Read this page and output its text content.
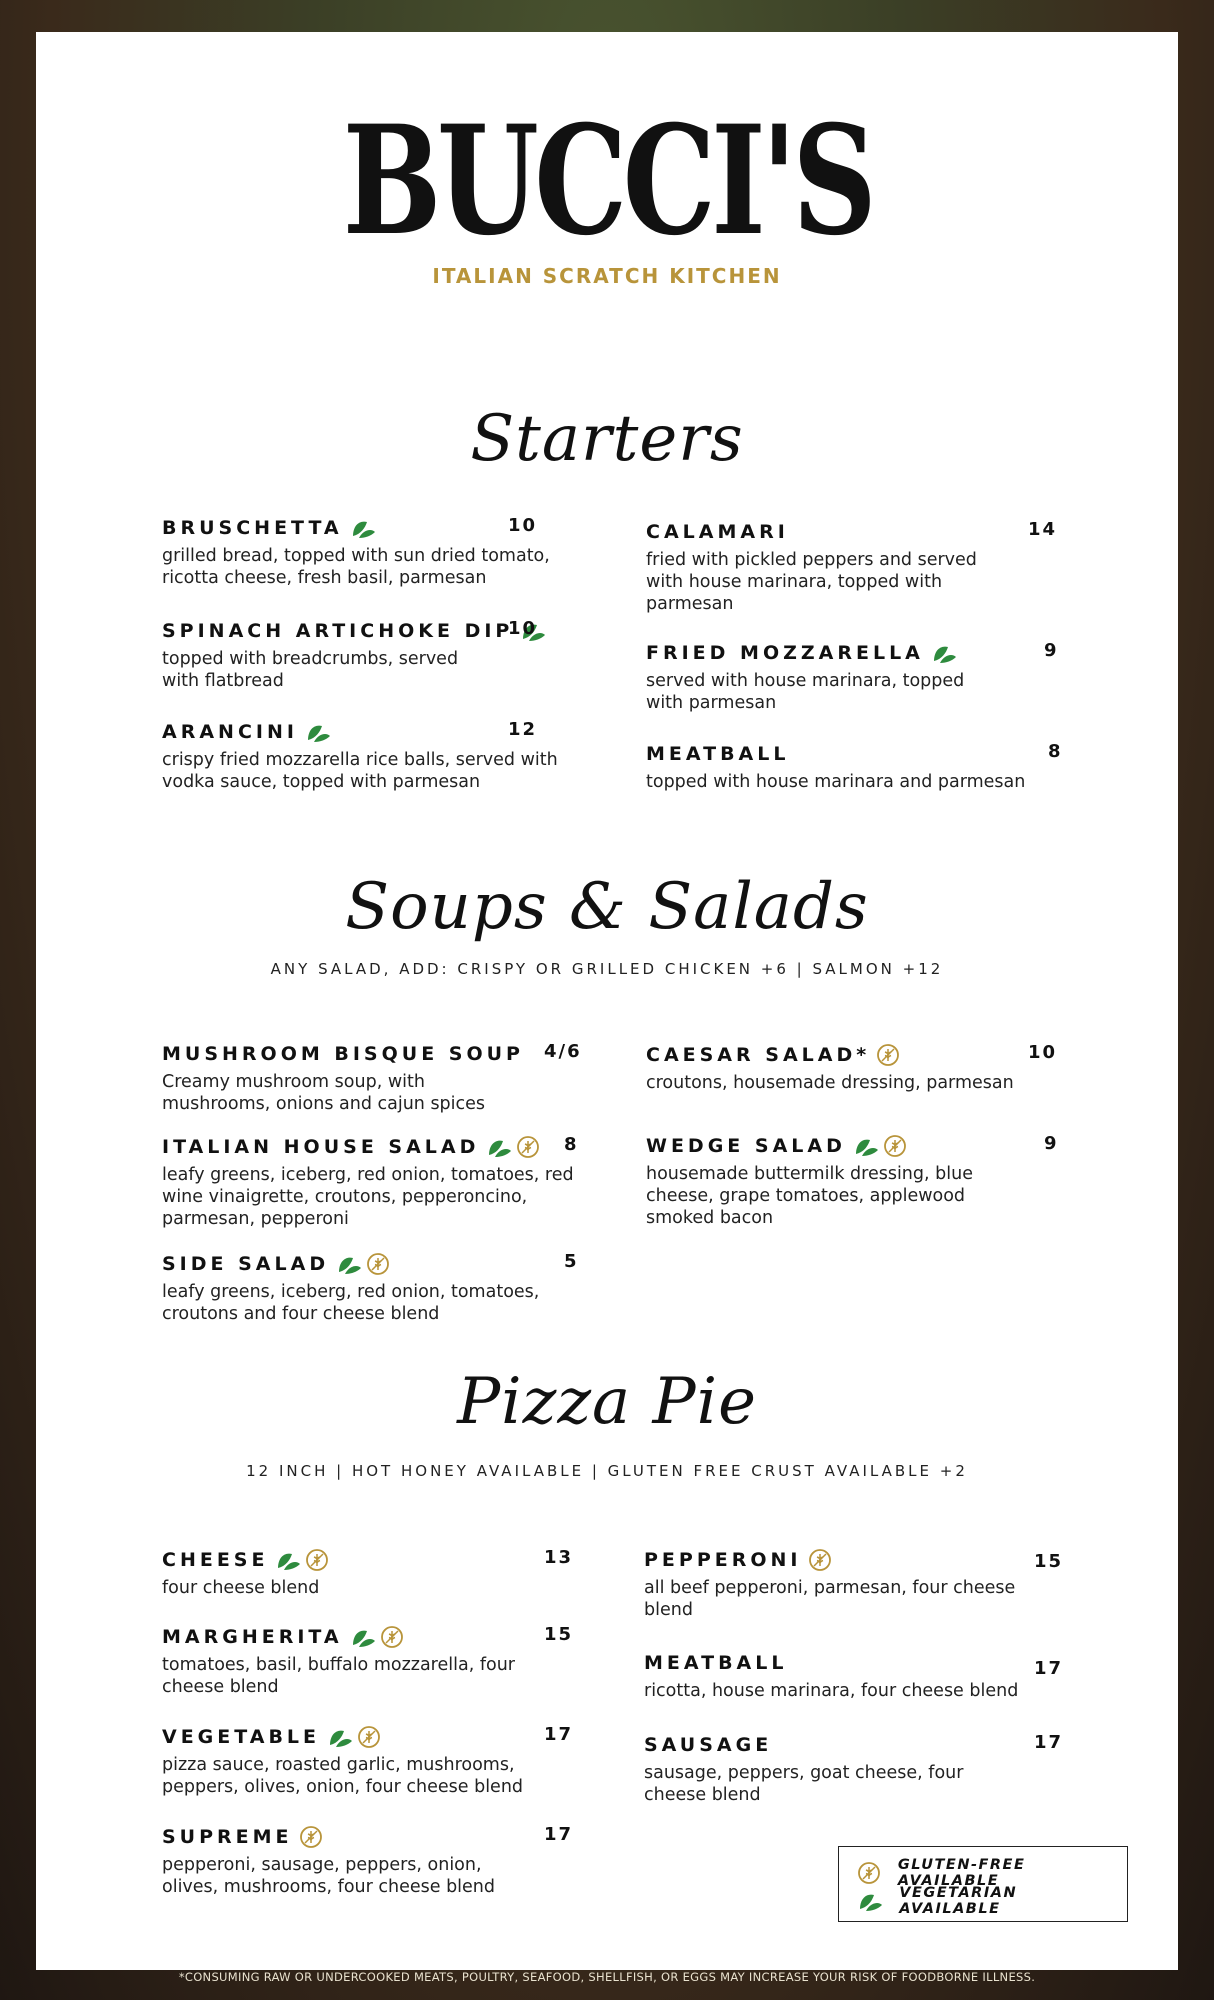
BUCCI'S
ITALIAN SCRATCH KITCHEN
Starters
BRUSCHETTA	10
grilled bread, topped with sun dried tomato, ricotta cheese, fresh basil, parmesan
SPINACH ARTICHOKE DIP
10
topped with breadcrumbs, served with flatbread
ARANCINI	12
crispy fried mozzarella rice balls, served with vodka sauce, topped with parmesan
CALAMARI	14
fried with pickled peppers and served with house marinara, topped with parmesan
FRIED MOZZARELLA	9
served with house marinara, topped with parmesan
MEATBALL	8
topped with house marinara and parmesan
Soups & Salads
ANY SALAD, ADD: CRISPY OR GRILLED CHICKEN +6 | SALMON +12
MUSHROOM BISQUE SOUP 4/6
Creamy mushroom soup, with mushrooms, onions and cajun spices
ITALIAN HOUSE SALAD	8
leafy greens, iceberg, red onion, tomatoes, red wine vinaigrette, croutons, pepperoncino, parmesan, pepperoni
SIDE SALAD	5
leafy greens, iceberg, red onion, tomatoes, croutons and four cheese blend
CAESAR SALAD*	10
croutons, housemade dressing, parmesan
WEDGE SALAD	9
housemade buttermilk dressing, blue cheese, grape tomatoes, applewood smoked bacon
Pizza Pie
12 INCH | HOT HONEY AVAILABLE | GLUTEN FREE CRUST AVAILABLE +2
CHEESE	13
four cheese blend
MARGHERITA	15
tomatoes, basil, buffalo mozzarella, four cheese blend
VEGETABLE	17
pizza sauce, roasted garlic, mushrooms, peppers, olives, onion, four cheese blend
SUPREME	17
pepperoni, sausage, peppers, onion, olives, mushrooms, four cheese blend
PEPPERONI	15
all beef pepperoni, parmesan, four cheese blend
MEATBALL	17
ricotta, house marinara, four cheese blend
SAUSAGE	17
sausage, peppers, goat cheese, four cheese blend
GLUTEN-FREE AVAILABLE
VEGETARIAN AVAILABLE
*CONSUMING RAW OR UNDERCOOKED MEATS, POULTRY, SEAFOOD, SHELLFISH, OR EGGS MAY INCREASE YOUR RISK OF FOODBORNE ILLNESS.
